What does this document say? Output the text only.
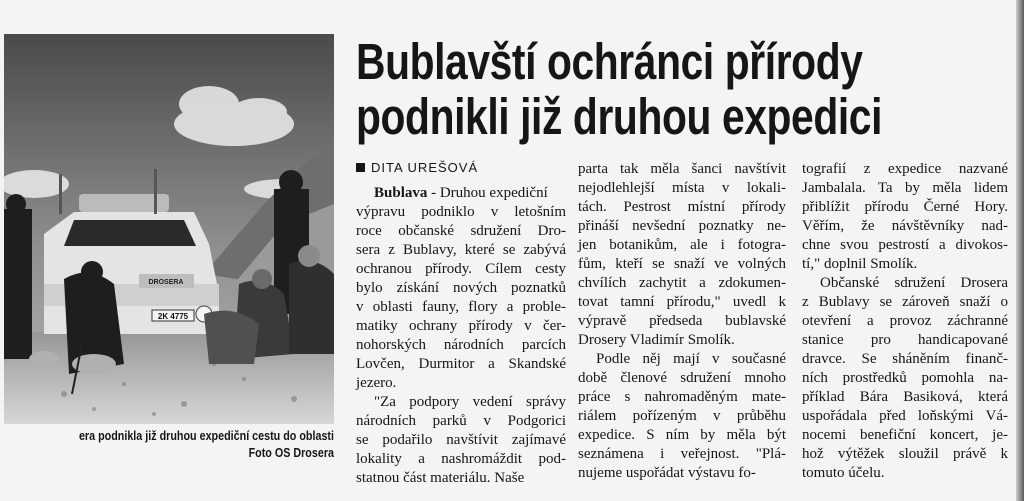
DROSERA
2K 4775
era podnikla již druhou expediční cestu do oblasti
Foto OS Drosera
Bublavští ochránci přírody
podnikli již druhou expedici

DITA UREŠOVÁ

Bublava - Druhou expediční
výpravu podniklo v letošním
roce občanské sdružení Dro-
sera z Bublavy, které se zabývá
ochranou přírody. Cílem cesty
bylo získání nových poznatků
v oblasti fauny, flory a proble-
matiky ochrany přírody v čer-
nohorských národních parcích
Lovčen, Durmitor a Skandské
jezero.
"Za podpory vedení správy
národních parků v Podgorici
se podařilo navštívit zajímavé
lokality a nashromáždit pod-
statnou část materiálu. Naše
parta tak měla šanci navštívit
nejodlehlejší místa v lokali-
tách. Pestrost místní přírody
přináší nevšední poznatky ne-
jen botanikům, ale i fotogra-
fům, kteří se snaží ve volných
chvílích zachytit a zdokumen-
tovat tamní přírodu," uvedl k
výpravě předseda bublavské
Drosery Vladimír Smolík.
Podle něj mají v současné
době členové sdružení mnoho
práce s nahromaděným mate-
riálem pořízeným v průběhu
expedice. S ním by měla být
seznámena i veřejnost. "Plá-
nujeme uspořádat výstavu fo-
tografií z expedice nazvané
Jambalala. Ta by měla lidem
přiblížit přírodu Černé Hory.
Věřím, že návštěvníky nad-
chne svou pestrostí a divokos-
tí," doplnil Smolík.
Občanské sdružení Drosera
z Bublavy se zároveň snaží o
otevření a provoz záchranné
stanice pro handicapované
dravce. Se sháněním finanč-
ních prostředků pomohla na-
příklad Bára Basiková, která
uspořádala před loňskými Vá-
nocemi benefiční koncert, je-
hož výtěžek sloužil právě k
tomuto účelu.
